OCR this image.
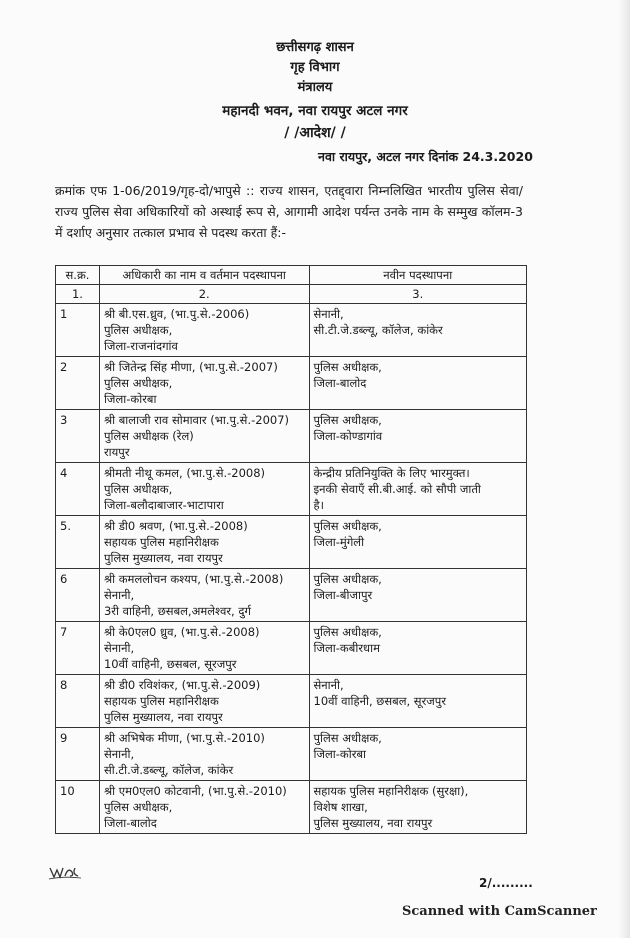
छत्तीसगढ़ शासन
गृह विभाग
मंत्रालय
महानदी भवन, नवा रायपुर अटल नगर
/ /आदेश/ /
नवा रायपुर, अटल नगर दिनांक 24.3.2020
क्रमांक एफ 1-06/2019/गृह-दो/भापुसे :: राज्य शासन, एतद्द्वारा निम्नलिखित भारतीय पुलिस सेवा/राज्य पुलिस सेवा अधिकारियों को अस्थाई रूप से, आगामी आदेश पर्यन्त उनके नाम के सम्मुख कॉलम-3 में दर्शाए अनुसार तत्काल प्रभाव से पदस्थ करता हैं:-
स.क्र.	अधिकारी का नाम व वर्तमान पदस्थापना	नवीन पदस्थापना
1.	2.	3.
1	श्री बी.एस.ध्रुव, (भा.पु.से.-2006)
पुलिस अधीक्षक,
जिला-राजनांदगांव	सेनानी,
सी.टी.जे.डब्ल्यू, कॉलेज, कांकेर
2	श्री जितेन्द्र सिंह मीणा, (भा.पु.से.-2007)
पुलिस अधीक्षक,
जिला-कोरबा	पुलिस अधीक्षक,
जिला-बालोद
3	श्री बालाजी राव सोमावार (भा.पु.से.-2007)
पुलिस अधीक्षक (रेल)
रायपुर	पुलिस अधीक्षक,
जिला-कोण्डागांव
4	श्रीमती नीथू कमल, (भा.पु.से.-2008)
पुलिस अधीक्षक,
जिला-बलौदाबाजार-भाटापारा	केन्द्रीय प्रतिनियुक्ति के लिए भारमुक्त।
इनकी सेवाएँ सी.बी.आई. को सौपी जाती
है।
5.	श्री डी0 श्रवण, (भा.पु.से.-2008)
सहायक पुलिस महानिरीक्षक
पुलिस मुख्यालय, नवा रायपुर	पुलिस अधीक्षक,
जिला-मुंगेली
6	श्री कमललोचन कश्यप, (भा.पु.से.-2008)
सेनानी,
3री वाहिनी, छसबल,अमलेश्वर, दुर्ग	पुलिस अधीक्षक,
जिला-बीजापुर
7	श्री के0एल0 ध्रुव, (भा.पु.से.-2008)
सेनानी,
10वीं वाहिनी, छसबल, सूरजपुर	पुलिस अधीक्षक,
जिला-कबीरधाम
8	श्री डी0 रविशंकर, (भा.पु.से.-2009)
सहायक पुलिस महानिरीक्षक
पुलिस मुख्यालय, नवा रायपुर	सेनानी,
10वीं वाहिनी, छसबल, सूरजपुर
9	श्री अभिषेक मीणा, (भा.पु.से.-2010)
सेनानी,
सी.टी.जे.डब्ल्यू, कॉलेज, कांकेर	पुलिस अधीक्षक,
जिला-कोरबा
10	श्री एम0एल0 कोटवानी, (भा.पु.से.-2010)
पुलिस अधीक्षक,
जिला-बालोद	सहायक पुलिस महानिरीक्षक (सुरक्षा),
विशेष शाखा,
पुलिस मुख्यालय, नवा रायपुर
2/.........
Scanned with CamScanner
